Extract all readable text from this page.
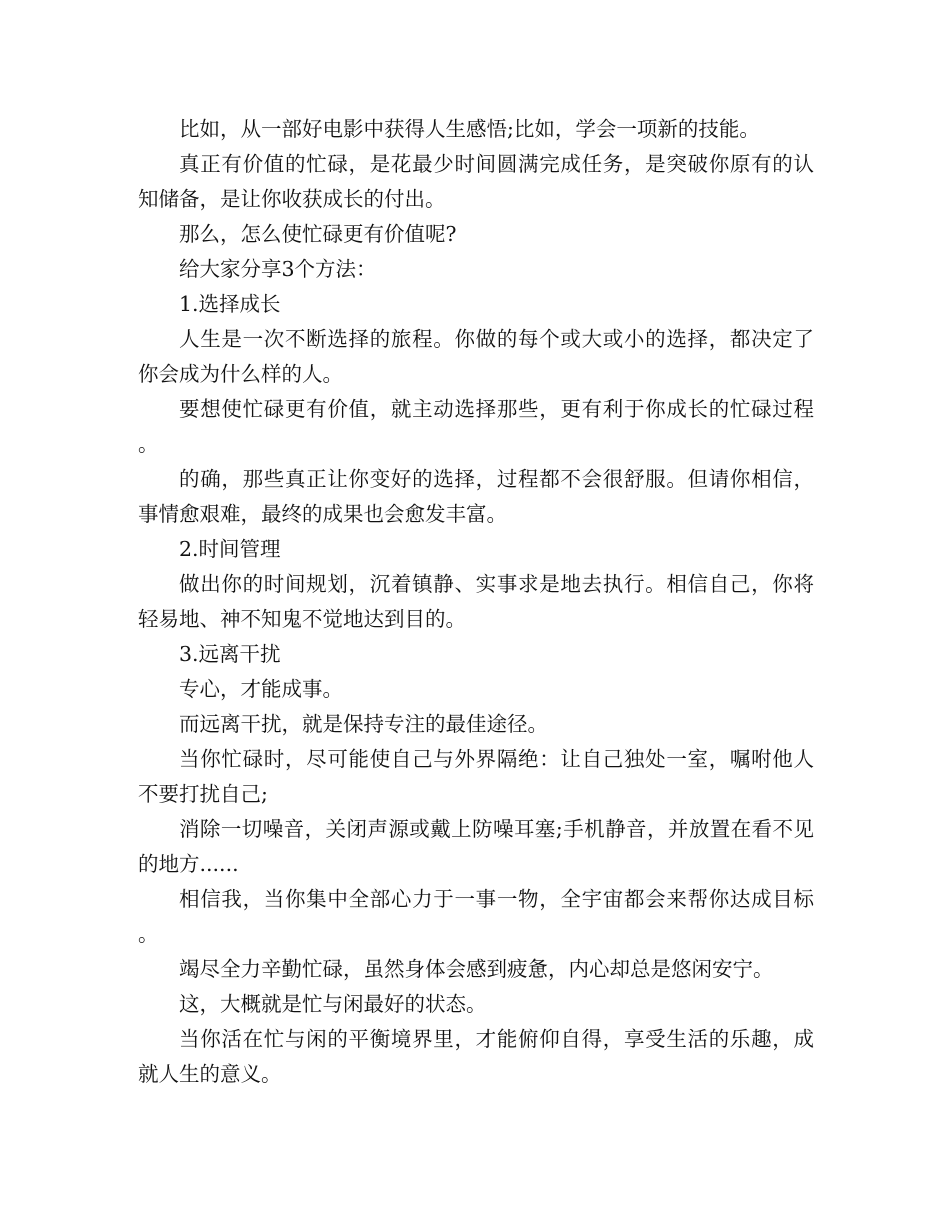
比如，从一部好电影中获得人生感悟;比如，学会一项新的技能。

真正有价值的忙碌，是花最少时间圆满完成任务，是突破你原有的认知储备，是让你收获成长的付出。

那么，怎么使忙碌更有价值呢?

给大家分享3个方法：

1.选择成长

人生是一次不断选择的旅程。你做的每个或大或小的选择，都决定了你会成为什么样的人。

要想使忙碌更有价值，就主动选择那些，更有利于你成长的忙碌过程。

的确，那些真正让你变好的选择，过程都不会很舒服。但请你相信，事情愈艰难，最终的成果也会愈发丰富。

2.时间管理

做出你的时间规划，沉着镇静、实事求是地去执行。相信自己，你将轻易地、神不知鬼不觉地达到目的。

3.远离干扰

专心，才能成事。

而远离干扰，就是保持专注的最佳途径。

当你忙碌时，尽可能使自己与外界隔绝：让自己独处一室，嘱咐他人不要打扰自己;

消除一切噪音，关闭声源或戴上防噪耳塞;手机静音，并放置在看不见的地方......

相信我，当你集中全部心力于一事一物，全宇宙都会来帮你达成目标。

竭尽全力辛勤忙碌，虽然身体会感到疲惫，内心却总是悠闲安宁。

这，大概就是忙与闲最好的状态。

当你活在忙与闲的平衡境界里，才能俯仰自得，享受生活的乐趣，成就人生的意义。
